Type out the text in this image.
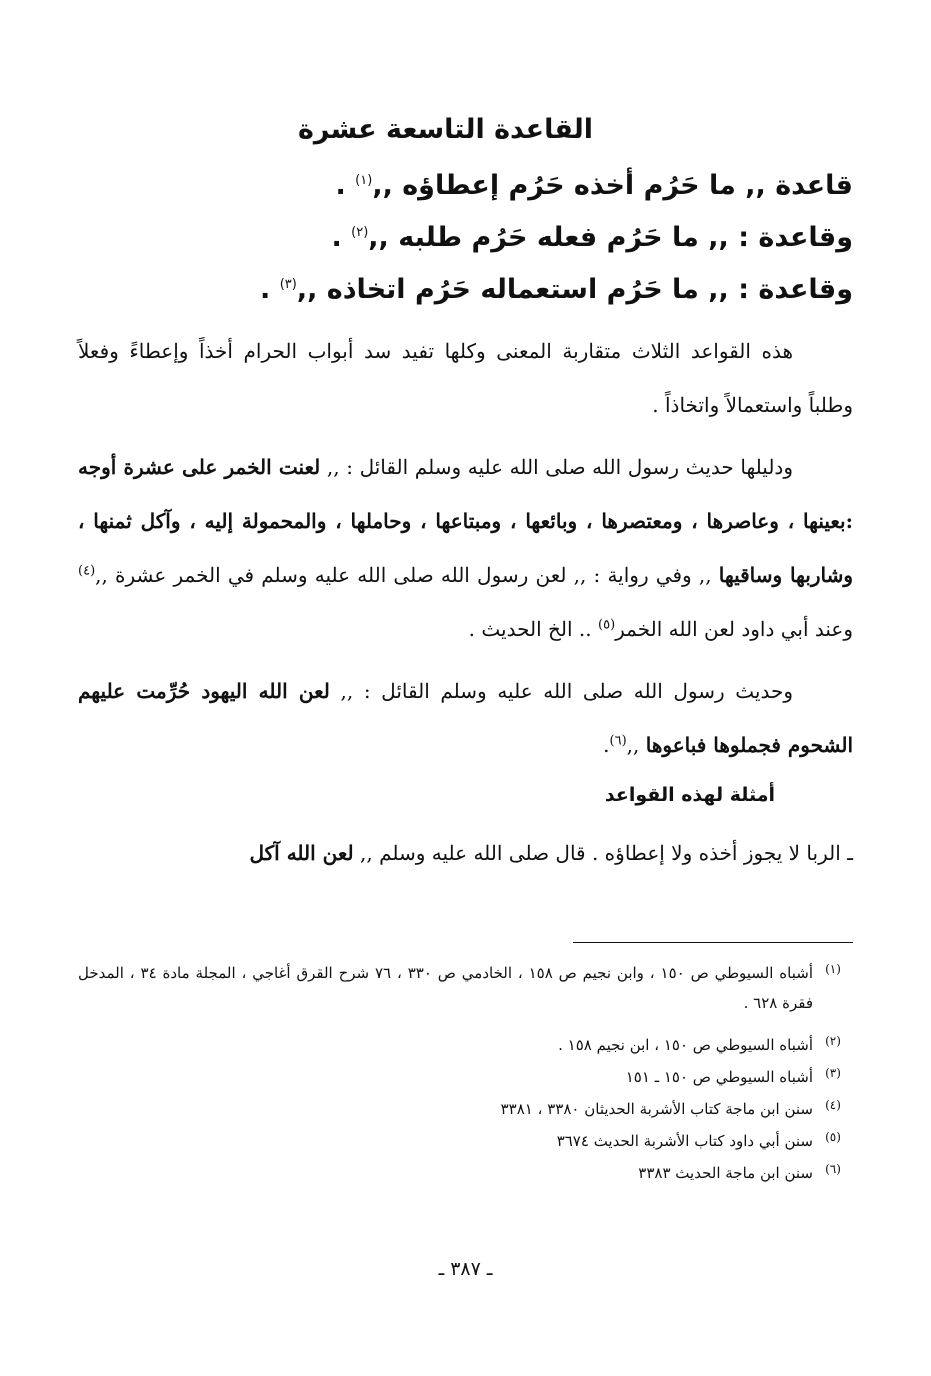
القاعدة التاسعة عشرة

قاعدة ,, ما حَرُم أخذه حَرُم إعطاؤه ,,$^{(١)}$ .

وقاعدة : ,, ما حَرُم فعله حَرُم طلبه ,,$^{(٢)}$ .

وقاعدة : ,, ما حَرُم استعماله حَرُم اتخاذه ,,$^{(٣)}$ .

هذه القواعد الثلاث متقاربة المعنى وكلها تفيد سد أبواب الحرام أخذاً وإعطاءً وفعلاً وطلباً واستعمالاً واتخاذاً .

ودليلها حديث رسول الله صلى الله عليه وسلم القائل : ,, لعنت الخمر على عشرة أوجه :بعينها ، وعاصرها ، ومعتصرها ، وبائعها ، ومبتاعها ، وحاملها ، والمحمولة إليه ، وآكل ثمنها ، وشاربها وساقيها ,, وفي رواية : ,, لعن رسول الله صلى الله عليه وسلم في الخمر عشرة ,,$^{(٤)}$ وعند أبي داود لعن الله الخمر$^{(٥)}$ .. الخ الحديث .

وحديث رسول الله صلى الله عليه وسلم القائل : ,, لعن الله اليهود حُرِّمت عليهم الشحوم فجملوها فباعوها ,,$^{(٦)}$.

أمثلة لهذه القواعد

ـ الربا لا يجوز أخذه ولا إعطاؤه . قال صلى الله عليه وسلم ,, لعن الله آكل

(١)
أشباه السيوطي ص ١٥٠ ، وابن نجيم ص ١٥٨ ، الخادمي ص ٣٣٠ ، ٧٦ شرح القرق أغاجي ، المجلة مادة ٣٤ ، المدخل فقرة ٦٢٨ .
(٢)
أشباه السيوطي ص ١٥٠ ، ابن نجيم ١٥٨ .
(٣)
أشباه السيوطي ص ١٥٠ ـ ١٥١
(٤)
سنن ابن ماجة كتاب الأشربة الحديثان ٣٣٨٠ ، ٣٣٨١
(٥)
سنن أبي داود كتاب الأشربة الحديث ٣٦٧٤
(٦)
سنن ابن ماجة الحديث ٣٣٨٣
ـ ٣٨٧ ـ
